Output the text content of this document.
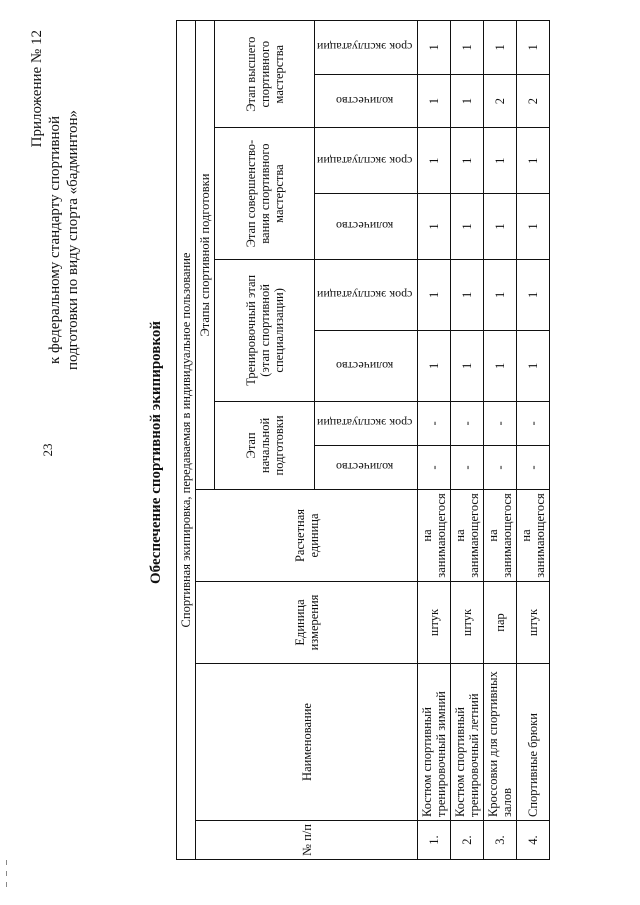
23
Приложение № 12
к федеральному стандарту спортивной подготовки по виду спорта «бадминтон»
Обеспечение спортивной экипировкой Спортивная экипировка, передаваемая в индивидуальное пользование											
№ п/п	Наименование	Единица измерения	Расчетная единица	Этапы спортивной подготовки							
				Этап начальной подготовки		Тренировочный этап (этап спортивной специализации)		Этап совершенство-вания спортивного мастерства		Этап высшего спортивного мастерства	
				количество	срок эксплуатации	количество	срок эксплуатации	количество	срок эксплуатации	количество	срок эксплуатации
1.	Костюм спортивный тренировочный зимний	штук	на занимающегося	-	-	1	1	1	1	1	1
2.	Костюм спортивный тренировочный летний	штук	на занимающегося	-	-	1	1	1	1	1	1
3.	Кроссовки для спортивных залов	пар	на занимающегося	-	-	1	1	1	1	2	1
4.	Спортивные брюки	штук	на занимающегося	-	-	1	1	1	1	2	1
